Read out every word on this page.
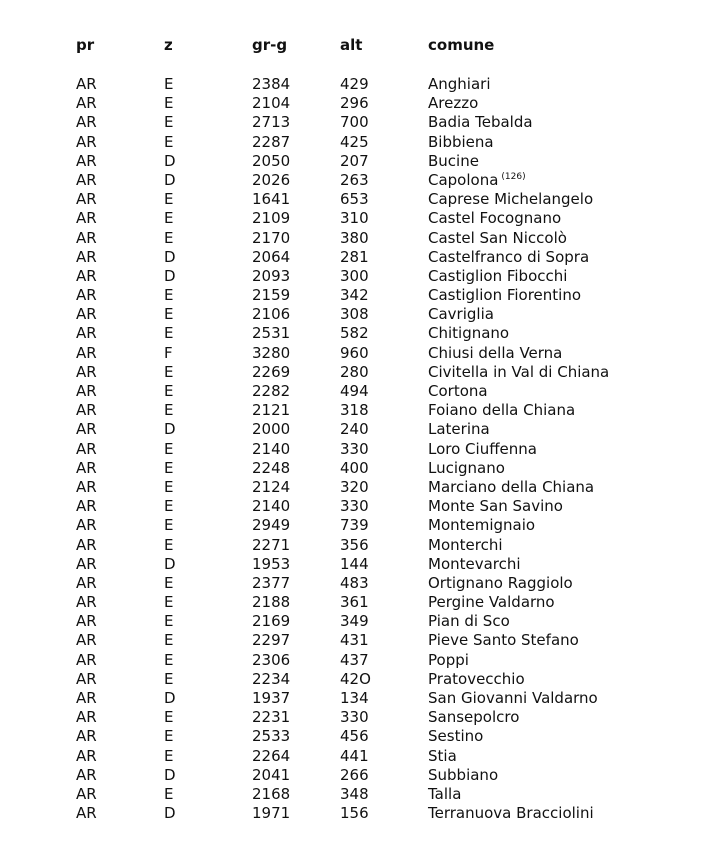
pr	z	gr-g	alt	comune
AR	E	2384	429	Anghiari
AR	E	2104	296	Arezzo
AR	E	2713	700	Badia Tebalda
AR	E	2287	425	Bibbiena
AR	D	2050	207	Bucine
AR	D	2026	263	Capolona $^{(126)}$
AR	E	1641	653	Caprese Michelangelo
AR	E	2109	310	Castel Focognano
AR	E	2170	380	Castel San Niccolò
AR	D	2064	281	Castelfranco di Sopra
AR	D	2093	300	Castiglion Fibocchi
AR	E	2159	342	Castiglion Fiorentino
AR	E	2106	308	Cavriglia
AR	E	2531	582	Chitignano
AR	F	3280	960	Chiusi della Verna
AR	E	2269	280	Civitella in Val di Chiana
AR	E	2282	494	Cortona
AR	E	2121	318	Foiano della Chiana
AR	D	2000	240	Laterina
AR	E	2140	330	Loro Ciuffenna
AR	E	2248	400	Lucignano
AR	E	2124	320	Marciano della Chiana
AR	E	2140	330	Monte San Savino
AR	E	2949	739	Montemignaio
AR	E	2271	356	Monterchi
AR	D	1953	144	Montevarchi
AR	E	2377	483	Ortignano Raggiolo
AR	E	2188	361	Pergine Valdarno
AR	E	2169	349	Pian di Sco
AR	E	2297	431	Pieve Santo Stefano
AR	E	2306	437	Poppi
AR	E	2234	42O	Pratovecchio
AR	D	1937	134	San Giovanni Valdarno
AR	E	2231	330	Sansepolcro
AR	E	2533	456	Sestino
AR	E	2264	441	Stia
AR	D	2041	266	Subbiano
AR	E	2168	348	Talla
AR	D	1971	156	Terranuova Bracciolini
